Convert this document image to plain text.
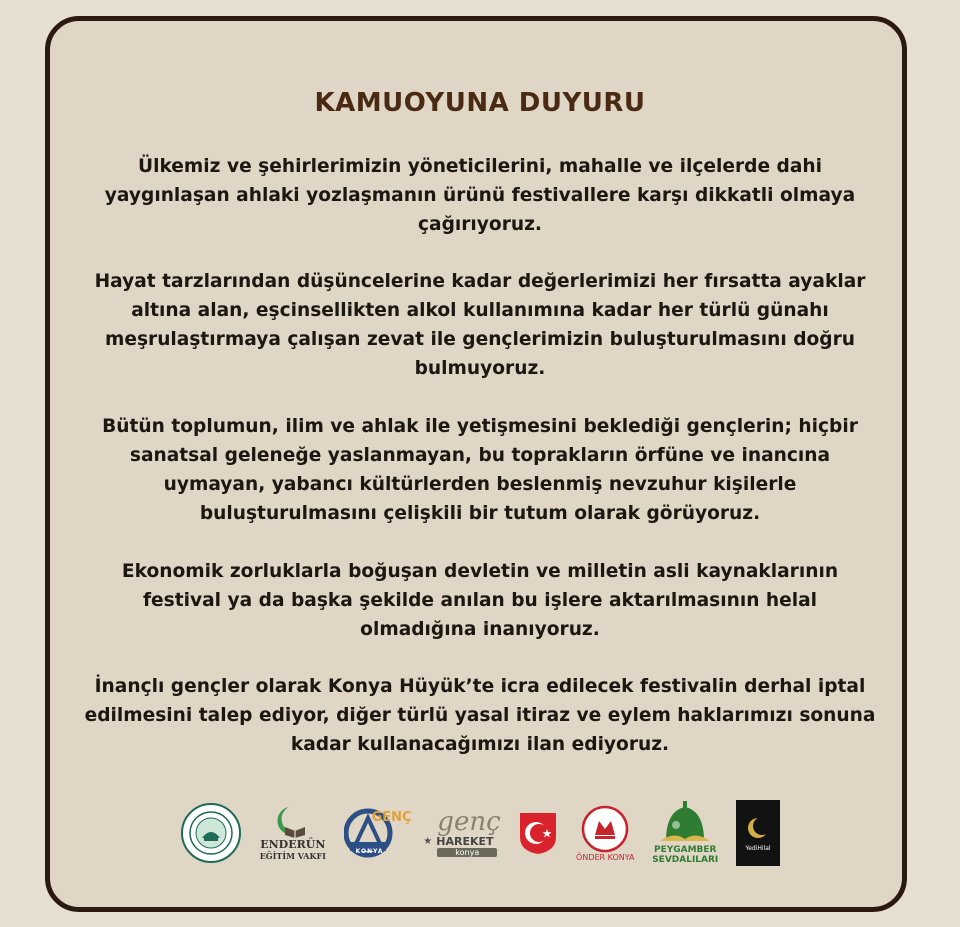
KAMUOYUNA DUYURU
Ülkemiz ve şehirlerimizin yöneticilerini, mahalle ve ilçelerde dahi
yaygınlaşan ahlaki yozlaşmanın ürünü festivallere karşı dikkatli olmaya
çağırıyoruz.
Hayat tarzlarından düşüncelerine kadar değerlerimizi her fırsatta ayaklar
altına alan, eşcinsellikten alkol kullanımına kadar her türlü günahı
meşrulaştırmaya çalışan zevat ile gençlerimizin buluşturulmasını doğru
bulmuyoruz.
Bütün toplumun, ilim ve ahlak ile yetişmesini beklediği gençlerin; hiçbir
sanatsal geleneğe yaslanmayan, bu toprakların örfüne ve inancına
uymayan, yabancı kültürlerden beslenmiş nevzuhur kişilerle
buluşturulmasını çelişkili bir tutum olarak görüyoruz.
Ekonomik zorluklarla boğuşan devletin ve milletin asli kaynaklarının
festival ya da başka şekilde anılan bu işlere aktarılmasının helal
olmadığına inanıyoruz.
İnançlı gençler olarak Konya Hüyük’te icra edilecek festivalin derhal iptal
edilmesini talep ediyor, diğer türlü yasal itiraz ve eylem haklarımızı sonuna
kadar kullanacağımızı ilan ediyoruz.
ENDERÛN
EĞİTİM VAKFI
GENÇ
KONYA
genç
★ HAREKET
konya	ÖNDER KONYA
PEYGAMBER
SEVDALILARI
YediHilal
